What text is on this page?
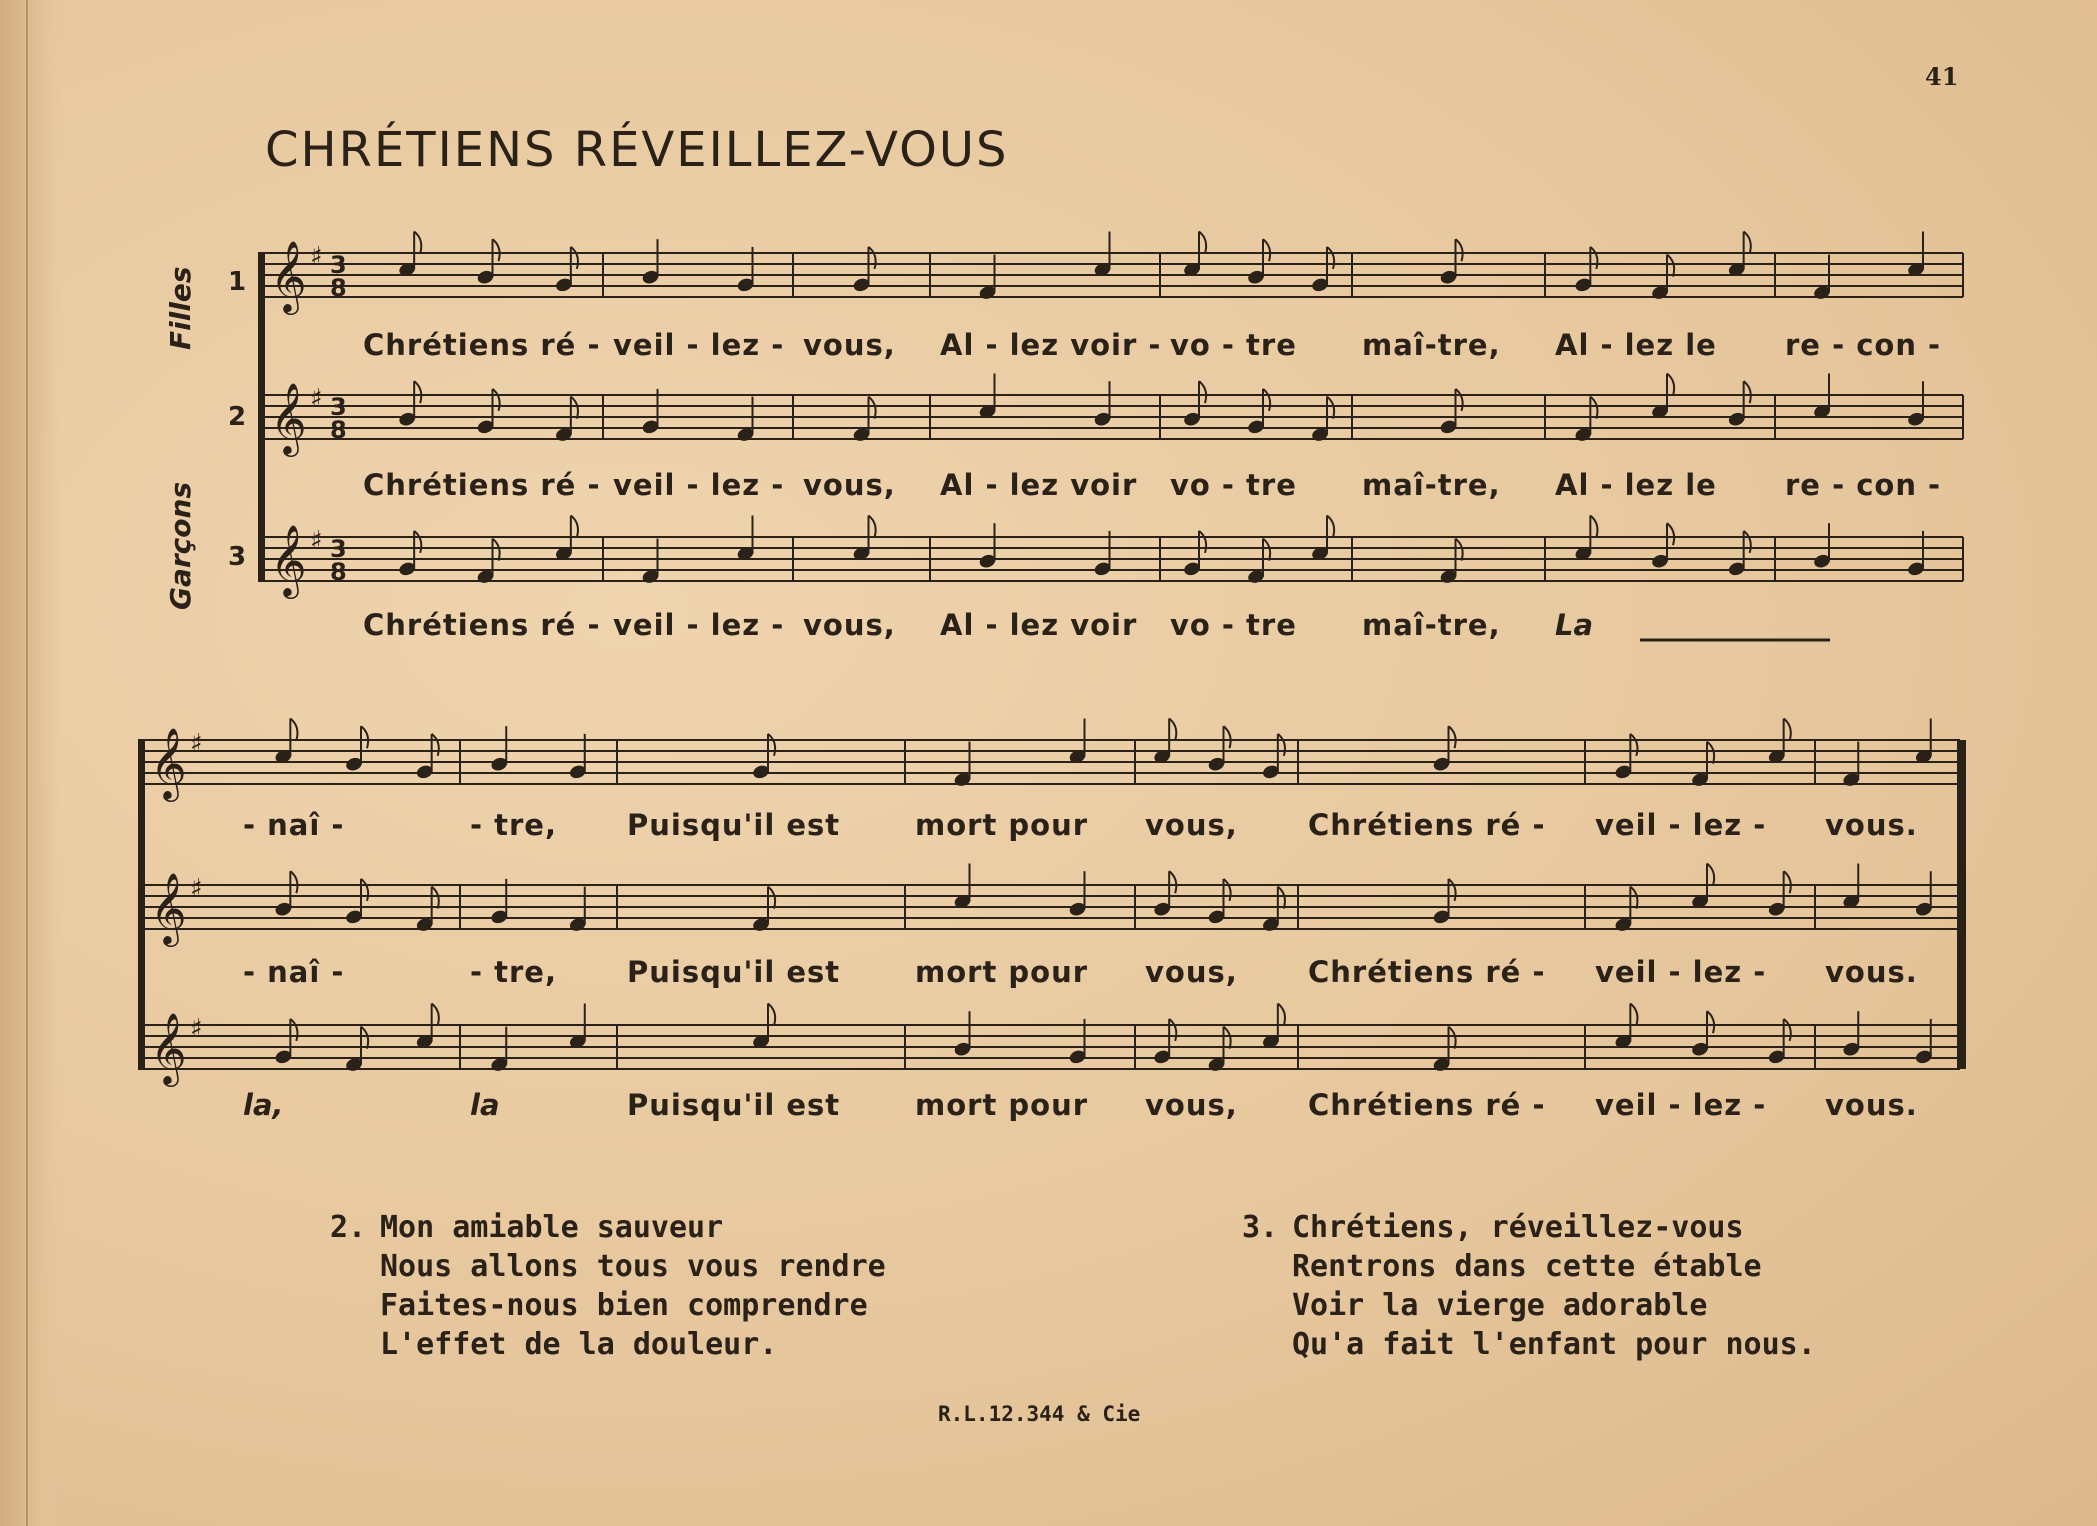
41
CHRÉTIENS RÉVEILLEZ-VOUS
𝄞 ♯ 3
8
𝄞 ♯ 3
8
𝄞 ♯ 3
8
𝄞 ♯
𝄞 ♯
𝄞 ♯
Filles
Garçons
1
2
3
Chrétiens ré - veil - lez - vous, Al - lez voir - vo - tre maî-tre, Al - lez le re - con -
Chrétiens ré - veil - lez - vous, Al - lez voir vo - tre maî-tre, Al - lez le re - con -
Chrétiens ré - veil - lez - vous, Al - lez voir vo - tre maî-tre, La
- naî -	- tre, Puisqu'il est	mort pour vous, Chrétiens ré - veil - lez - vous.
- naî -	- tre, Puisqu'il est	mort pour vous, Chrétiens ré - veil - lez - vous.
la,	la	Puisqu'il est	mort pour vous, Chrétiens ré - veil - lez - vous.
2. Mon amiable sauveur
Nous allons tous vous rendre
Faites-nous bien comprendre
L'effet de la douleur.
3. Chrétiens, réveillez-vous
Rentrons dans cette étable
Voir la vierge adorable
Qu'a fait l'enfant pour nous.
R.L.12.344 & Cie
